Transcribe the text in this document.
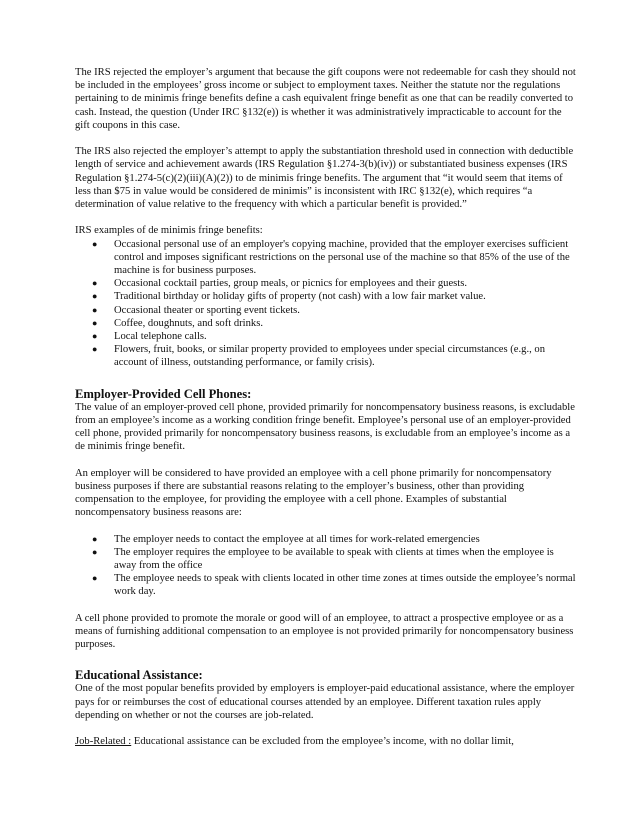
The IRS rejected the employer’s argument that because the gift coupons were not redeemable for cash they should not be included in the employees’ gross income or subject to employment taxes. Neither the statute nor the regulations pertaining to de minimis fringe benefits define a cash equivalent fringe benefit as one that can be readily converted to cash. Instead, the question (Under IRC §132(e)) is whether it was administratively impracticable to account for the gift coupons in this case.

The IRS also rejected the employer’s attempt to apply the substantiation threshold used in connection with deductible length of service and achievement awards (IRS Regulation §1.274-3(b)(iv)) or substantiated business expenses (IRS Regulation §1.274-5(c)(2)(iii)(A)(2)) to de minimis fringe benefits. The argument that “it would seem that items of less than $75 in value would be considered de minimis” is inconsistent with IRC §132(e), which requires “a determination of value relative to the frequency with which a particular benefit is provided.”

IRS examples of de minimis fringe benefits:

● Occasional personal use of an employer's copying machine, provided that the employer exercises sufficient control and imposes significant restrictions on the personal use of the machine so that 85% of the use of the machine is for business purposes.
● Occasional cocktail parties, group meals, or picnics for employees and their guests.
● Traditional birthday or holiday gifts of property (not cash) with a low fair market value.
● Occasional theater or sporting event tickets.
● Coffee, doughnuts, and soft drinks.
● Local telephone calls.
● Flowers, fruit, books, or similar property provided to employees under special circumstances (e.g., on account of illness, outstanding performance, or family crisis).
Employer-Provided Cell Phones:

The value of an employer-proved cell phone, provided primarily for noncompensatory business reasons, is excludable from an employee’s income as a working condition fringe benefit. Employee’s personal use of an employer-provided cell phone, provided primarily for noncompensatory business reasons, is excludable from an employee’s income as a de minimis fringe benefit.

An employer will be considered to have provided an employee with a cell phone primarily for noncompensatory business purposes if there are substantial reasons relating to the employer’s business, other than providing compensation to the employee, for providing the employee with a cell phone. Examples of substantial noncompensatory business reasons are:

● The employer needs to contact the employee at all times for work-related emergencies
● The employer requires the employee to be available to speak with clients at times when the employee is away from the office
● The employee needs to speak with clients located in other time zones at times outside the employee’s normal work day.

A cell phone provided to promote the morale or good will of an employee, to attract a prospective employee or as a means of furnishing additional compensation to an employee is not provided primarily for noncompensatory business purposes.

Educational Assistance:

One of the most popular benefits provided by employers is employer-paid educational assistance, where the employer pays for or reimburses the cost of educational courses attended by an employee. Different taxation rules apply depending on whether or not the courses are job-related.

Job-Related : Educational assistance can be excluded from the employee’s income, with no dollar limit,
